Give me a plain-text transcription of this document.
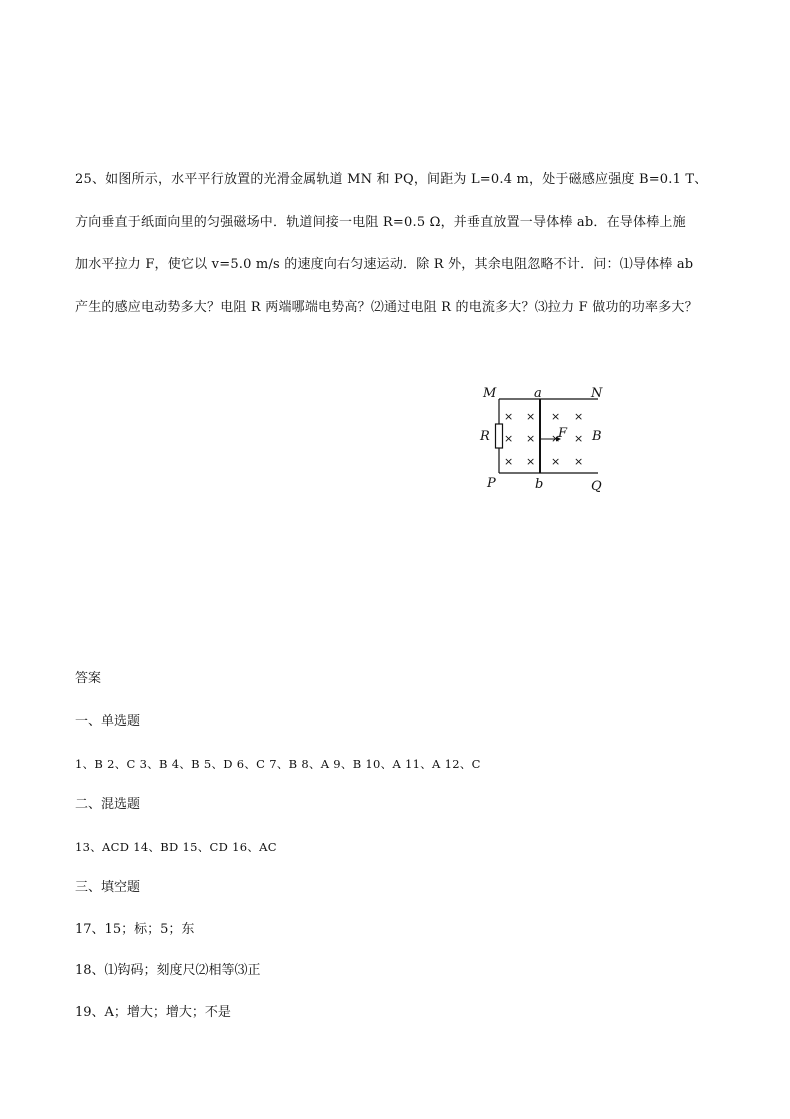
25、如图所示，水平平行放置的光滑金属轨道 MN 和 PQ，间距为 L=0.4 m，处于磁感应强度 B=0.1 T、
方向垂直于纸面向里的匀强磁场中．轨道间接一电阻 R=0.5 Ω，并垂直放置一导体棒 ab．在导体棒上施
加水平拉力 F，使它以 v=5.0 m/s 的速度向右匀速运动．除 R 外，其余电阻忽略不计．问：⑴导体棒 ab
产生的感应电动势多大？电阻 R 两端哪端电势高？⑵通过电阻 R 的电流多大？⑶拉力 F 做功的功率多大？
× × × ×
× × × ×
× × × ×
M	a	N
R	F B
P	b	Q
答案
一、单选题
1、B 2、C 3、B 4、B 5、D 6、C 7、B 8、A 9、B 10、A 11、A 12、C
二、混选题
13、ACD 14、BD 15、CD 16、AC
三、填空题
17、15；标；5；东
18、⑴钩码；刻度尺⑵相等⑶正
19、A；增大；增大；不是
